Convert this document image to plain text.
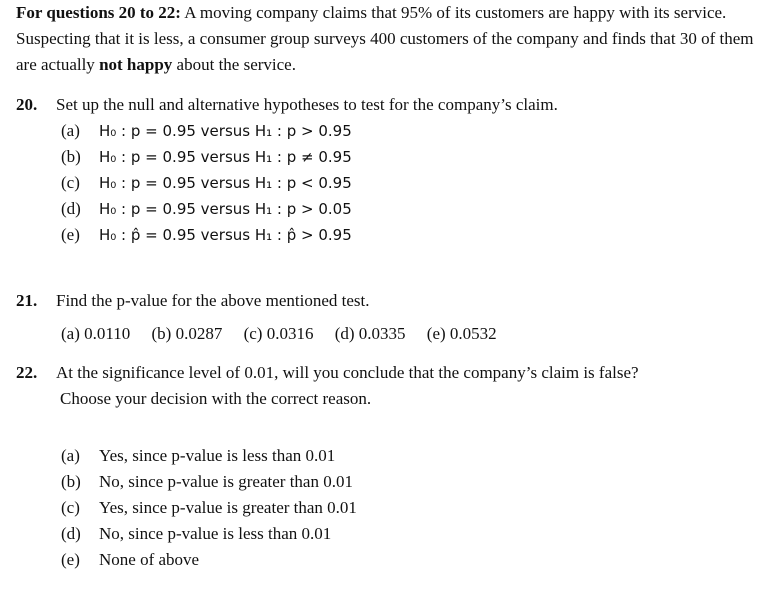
For questions 20 to 22: A moving company claims that 95% of its customers are happy with its service. Suspecting that it is less, a consumer group surveys 400 customers of the company and finds that 30 of them are actually not happy about the service.
20. Set up the null and alternative hypotheses to test for the company’s claim.
(a) H₀ : p = 0.95 versus H₁ : p > 0.95
(b) H₀ : p = 0.95 versus H₁ : p ≠ 0.95
(c) H₀ : p = 0.95 versus H₁ : p < 0.95
(d) H₀ : p = 0.95 versus H₁ : p > 0.05
(e) H₀ : p̂ = 0.95 versus H₁ : p̂ > 0.95
21. Find the p-value for the above mentioned test.
(a) 0.0110 (b) 0.0287 (c) 0.0316 (d) 0.0335 (e) 0.0532
22. At the significance level of 0.01, will you conclude that the company’s claim is false?
Choose your decision with the correct reason.
(a) Yes, since p-value is less than 0.01
(b) No, since p-value is greater than 0.01
(c) Yes, since p-value is greater than 0.01
(d) No, since p-value is less than 0.01
(e) None of above
